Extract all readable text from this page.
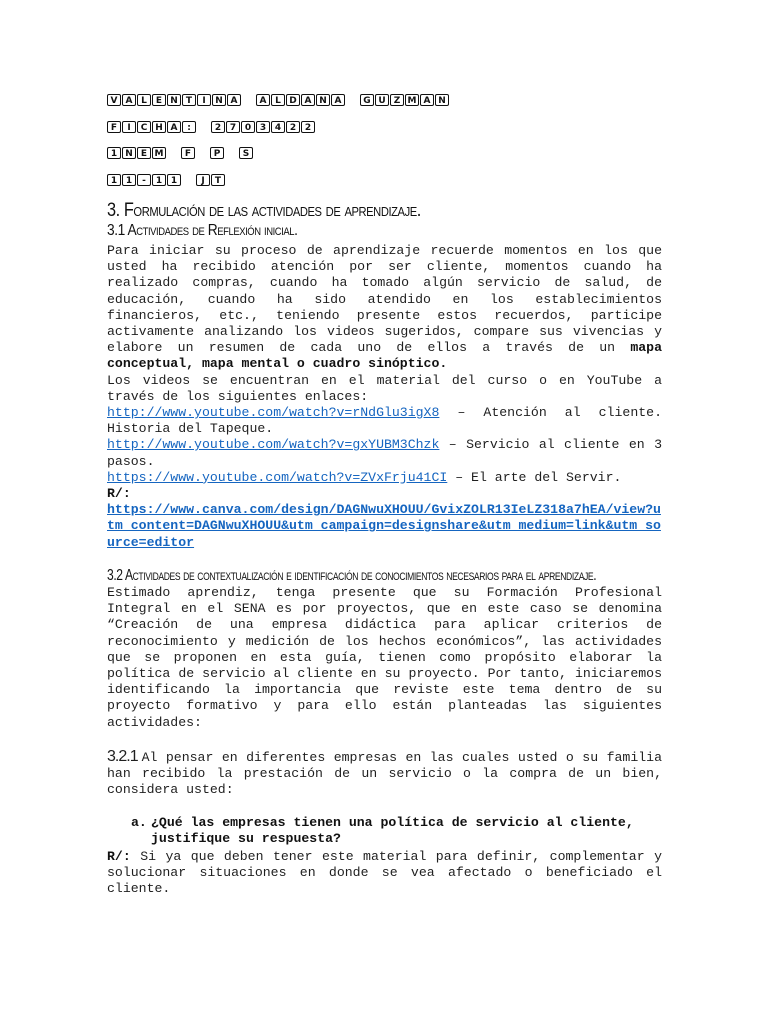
V A L	E N T	I	N A	A L D A N A	G U Z M A N
F	I	C H A	:	2 7 0 3 4 2 2
1 N E M	F	P	S
1 1	-	1 1	J	T
3. Formulación de las actividades de aprendizaje.
3.1 Actividades de Reflexión inicial.

Para iniciar su proceso de aprendizaje recuerde momentos en los que usted ha recibido atención por ser cliente, momentos cuando ha realizado compras, cuando ha tomado algún servicio de salud, de educación, cuando ha sido atendido en los establecimientos financieros, etc., teniendo presente estos recuerdos, participe activamente analizando los videos sugeridos, compare sus vivencias y elabore un resumen de cada uno de ellos a través de un mapa conceptual, mapa mental o cuadro sinóptico.
Los videos se encuentran en el material del curso o en YouTube a través de los siguientes enlaces:
http://www.youtube.com/watch?v=rNdGlu3igX8 – Atención al cliente. Historia del Tapeque.
http://www.youtube.com/watch?v=gxYUBM3Chzk – Servicio al cliente en 3 pasos.
https://www.youtube.com/watch?v=ZVxFrju41CI – El arte del Servir.
R/:
https://www.canva.com/design/DAGNwuXHOUU/GvixZOLR13IeLZ318a7hEA/view?utm_content=DAGNwuXHOUU&utm_campaign=designshare&utm_medium=link&utm_source=editor

3.2 Actividades de contextualización e identificación de conocimientos necesarios para el aprendizaje.

Estimado aprendiz, tenga presente que su Formación Profesional Integral en el SENA es por proyectos, que en este caso se denomina “Creación de una empresa didáctica para aplicar criterios de reconocimiento y medición de los hechos económicos”, las actividades que se proponen en esta guía, tienen como propósito elaborar la política de servicio al cliente en su proyecto. Por tanto, iniciaremos identificando la importancia que reviste este tema dentro de su proyecto formativo y para ello están planteadas las siguientes actividades:

3.2.1 Al pensar en diferentes empresas en las cuales usted o su familia han recibido la prestación de un servicio o la compra de un bien, considera usted:

a. ¿Qué las empresas tienen una política de servicio al cliente,
justifique su respuesta?

R/: Si ya que deben tener este material para definir, complementar y solucionar situaciones en donde se vea afectado o beneficiado el cliente.
